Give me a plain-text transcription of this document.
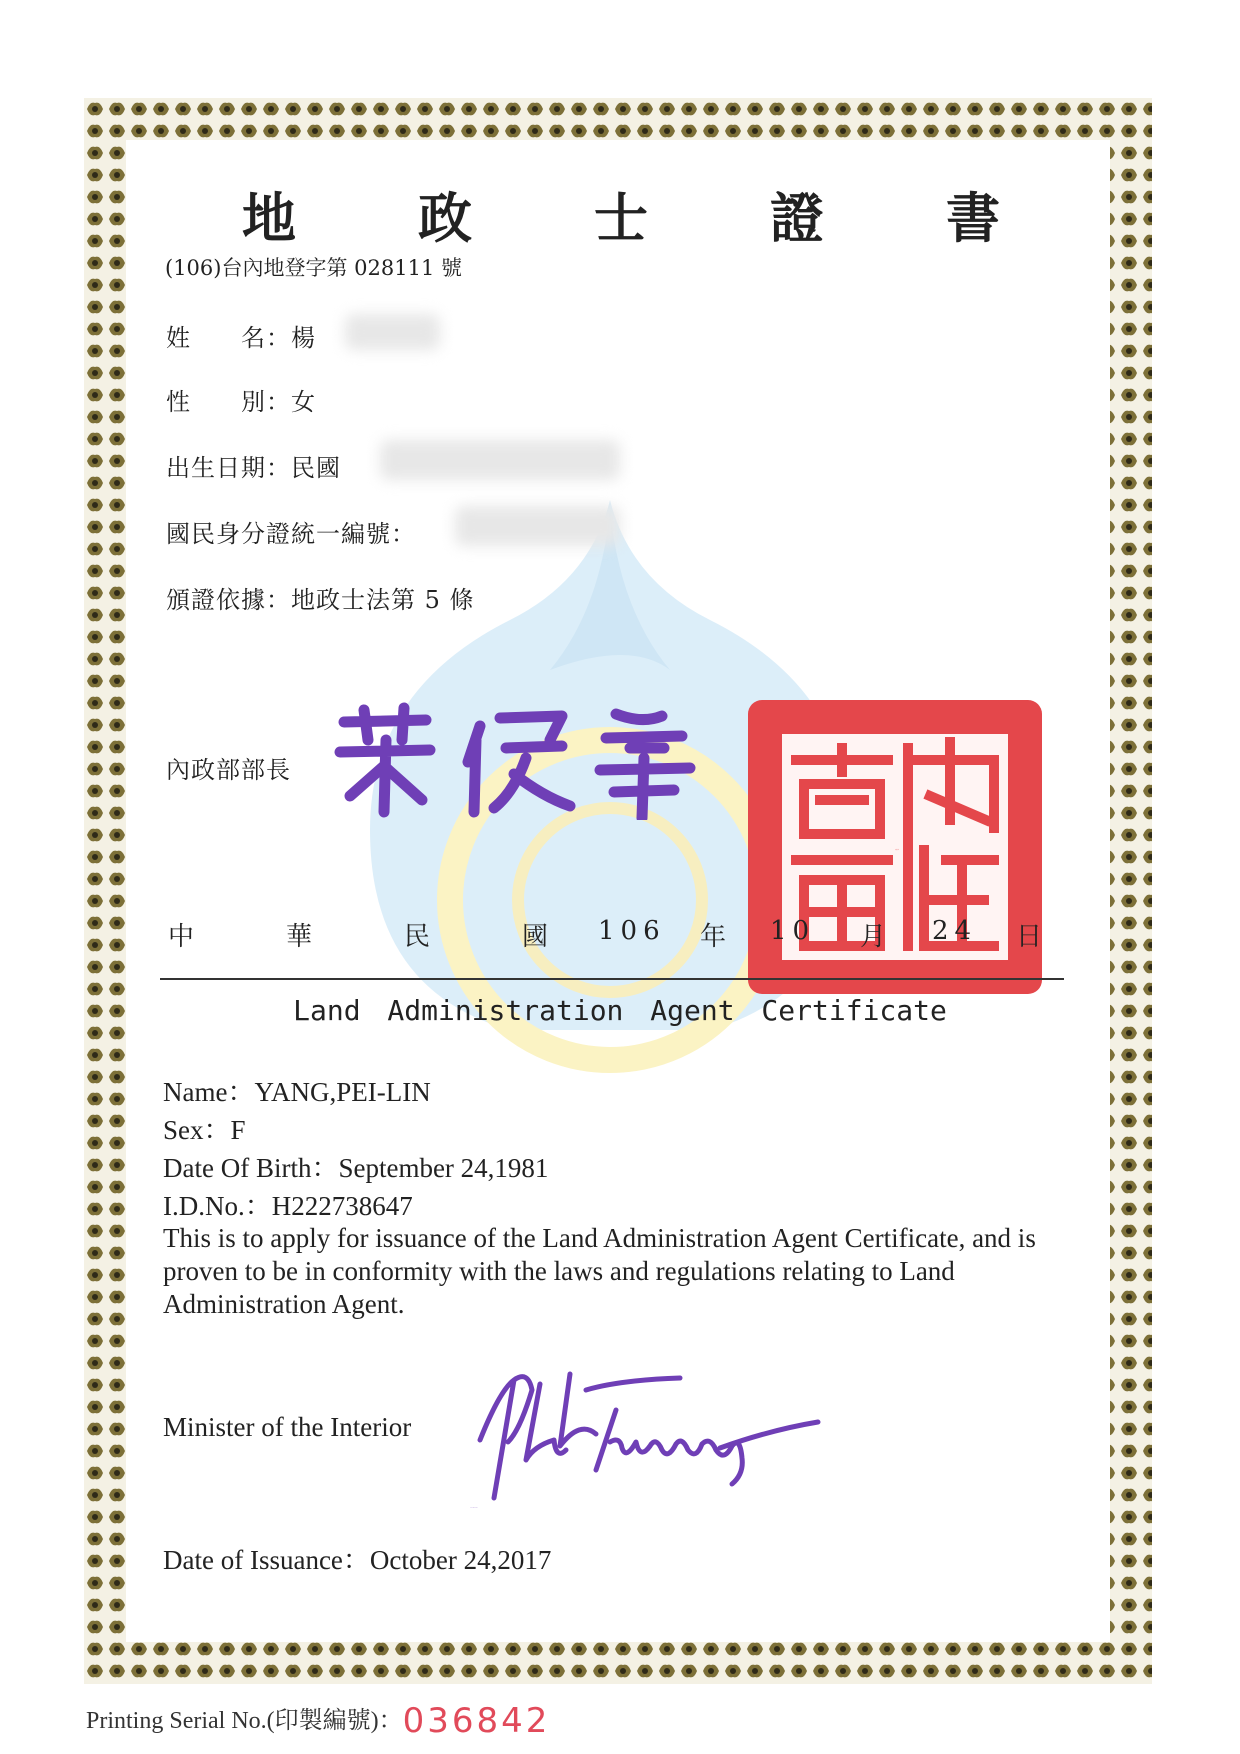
地 政 士 證 書
(106)台內地登字第 028111 號
姓　　名：楊
性　　別：女
出生日期：民國
國民身分證統一編號：
頒證依據：地政士法第 5 條
內政部部長
內政部印
中	華	民	國 106 年 10 月 24 日
Land Administration Agent Certificate
Name：YANG,PEI-LIN
Sex：F
Date Of Birth：September 24,1981
I.D.No.：H222738647
This is to apply for issuance of the Land Administration Agent Certificate, and is proven to be in conformity with the laws and regulations relating to Land Administration Agent.
Minister of the Interior
Yeh Jiunn-rong
Date of Issuance：October 24,2017
Printing Serial No.(印製編號)：036842
